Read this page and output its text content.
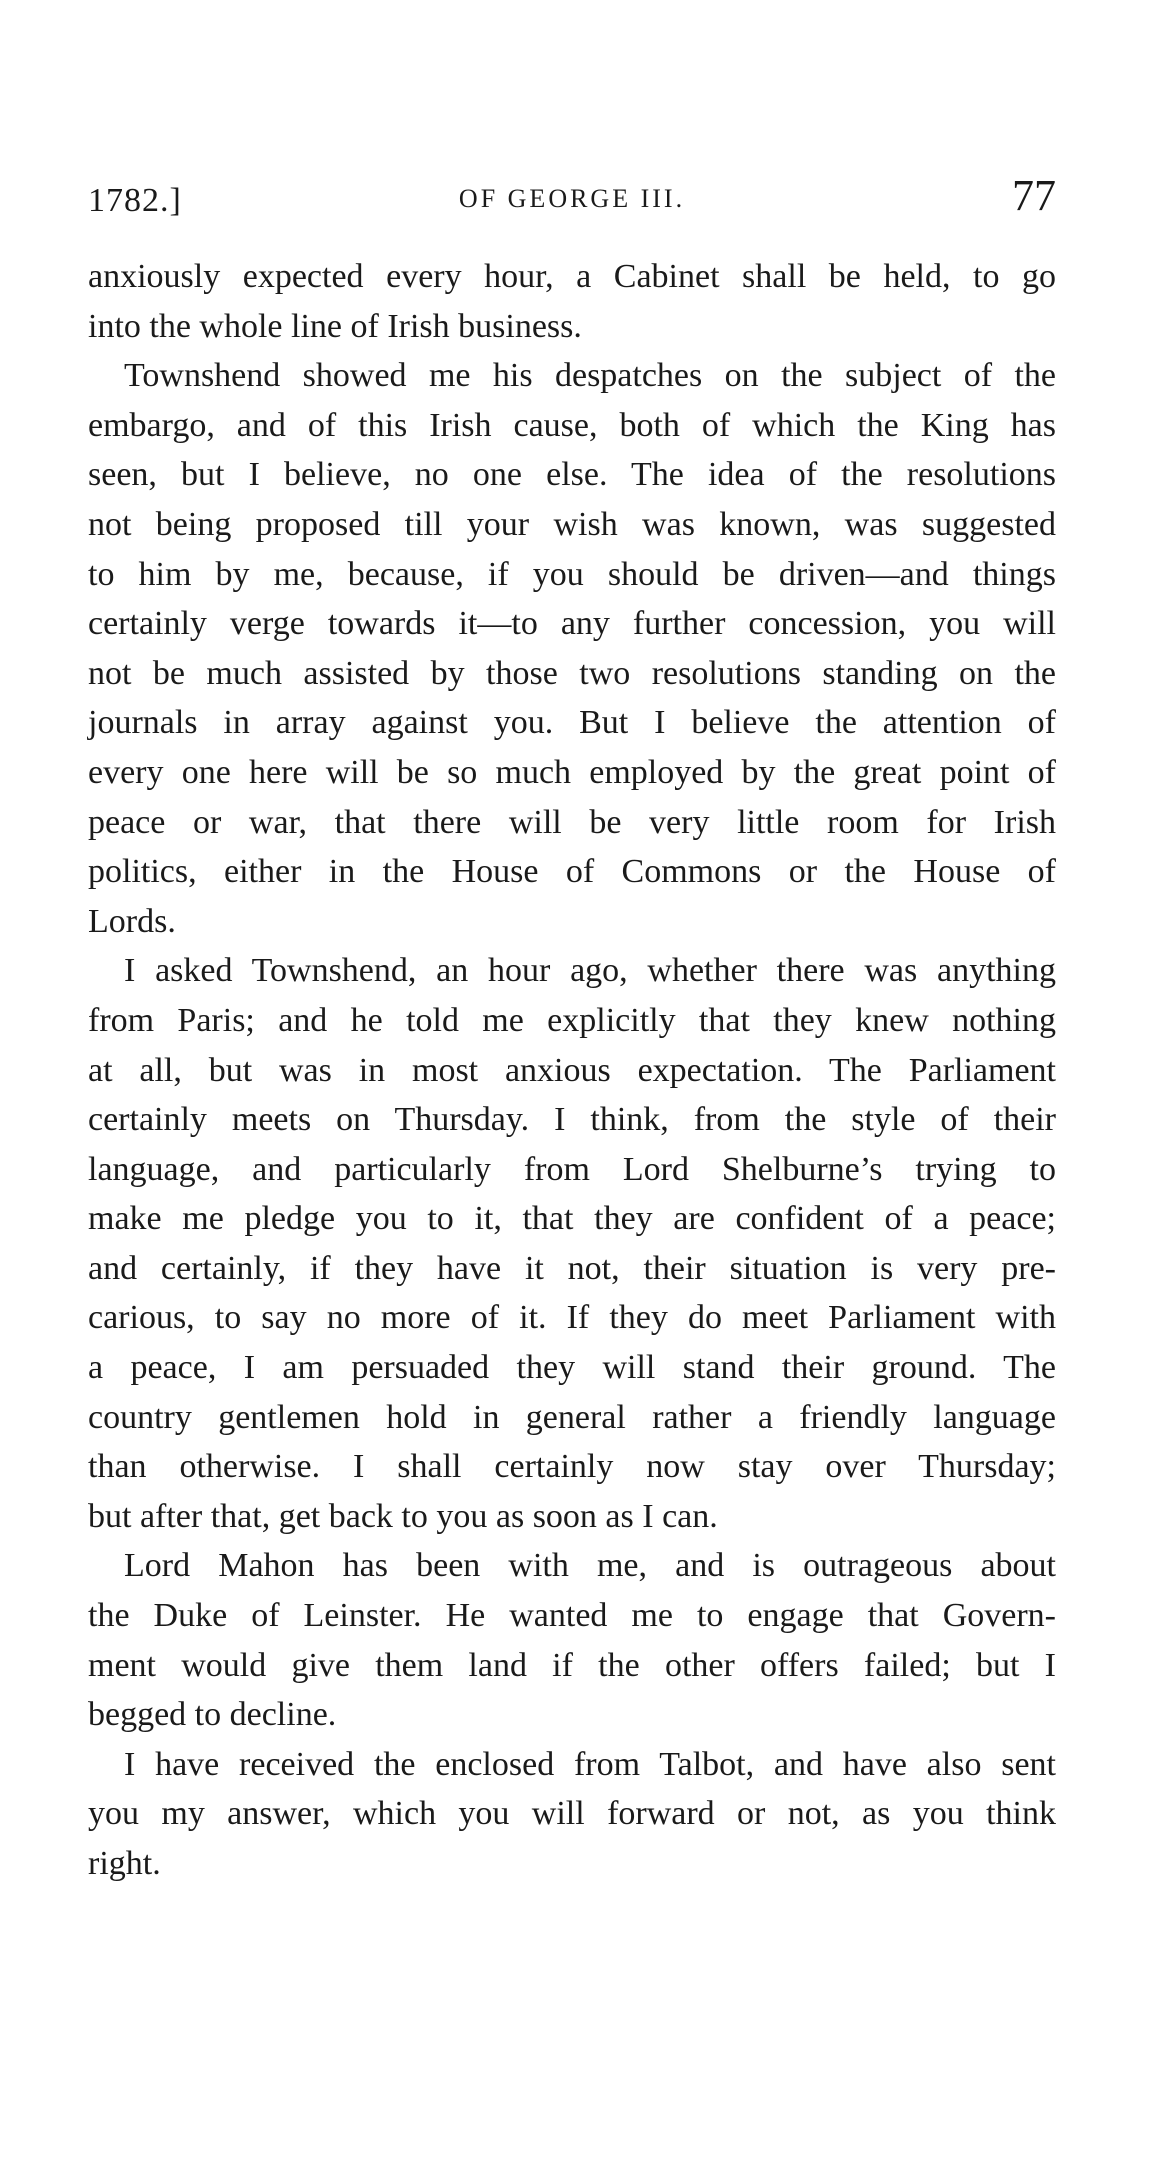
1782.]	OF GEORGE III.	77

anxiously expected every hour, a Cabinet shall be held, to go
into the whole line of Irish business.

Townshend showed me his despatches on the subject of the
embargo, and of this Irish cause, both of which the King has
seen, but I believe, no one else. The idea of the resolutions
not being proposed till your wish was known, was suggested
to him by me, because, if you should be driven—and things
certainly verge towards it—to any further concession, you will
not be much assisted by those two resolutions standing on the
journals in array against you. But I believe the attention of
every one here will be so much employed by the great point of
peace or war, that there will be very little room for Irish
politics, either in the House of Commons or the House of
Lords.

I asked Townshend, an hour ago, whether there was anything
from Paris; and he told me explicitly that they knew nothing
at all, but was in most anxious expectation. The Parliament
certainly meets on Thursday. I think, from the style of their
language, and particularly from Lord Shelburne’s trying to
make me pledge you to it, that they are confident of a peace;
and certainly, if they have it not, their situation is very pre-
carious, to say no more of it. If they do meet Parliament with
a peace, I am persuaded they will stand their ground. The
country gentlemen hold in general rather a friendly language
than otherwise. I shall certainly now stay over Thursday;
but after that, get back to you as soon as I can.

Lord Mahon has been with me, and is outrageous about
the Duke of Leinster. He wanted me to engage that Govern-
ment would give them land if the other offers failed; but I
begged to decline.

I have received the enclosed from Talbot, and have also sent
you my answer, which you will forward or not, as you think
right.
